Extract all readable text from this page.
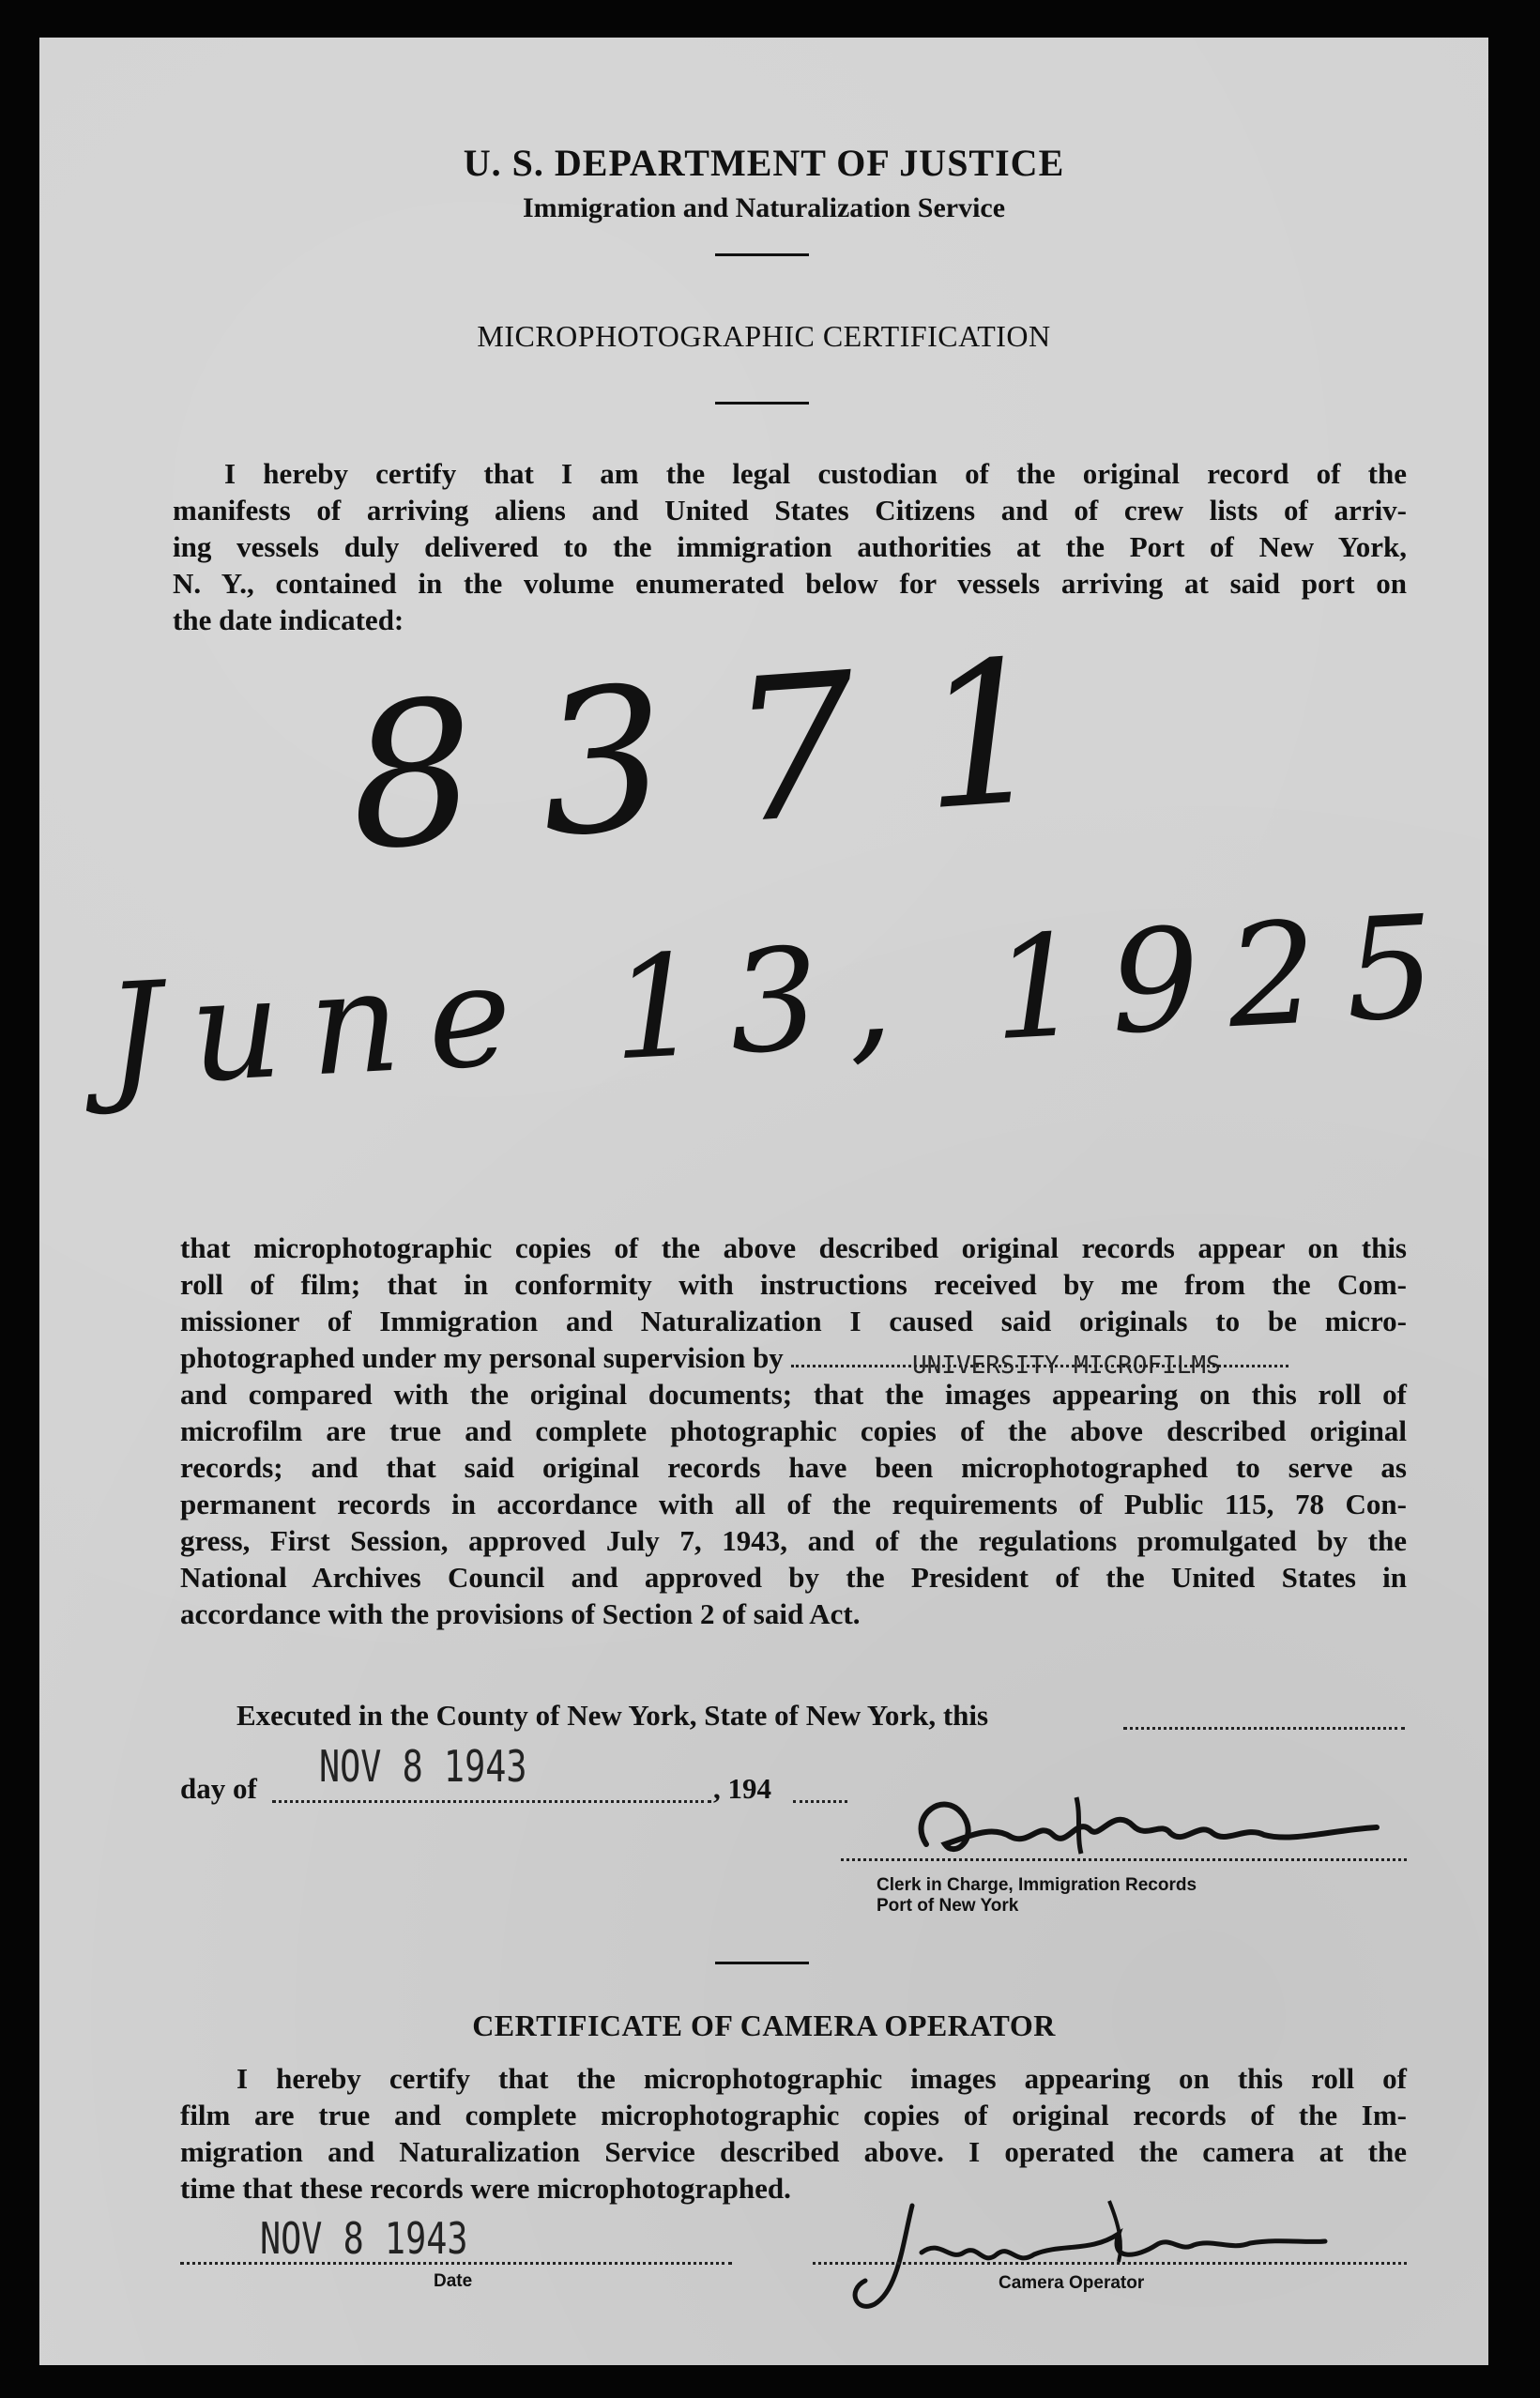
U. S. DEPARTMENT OF JUSTICE
Immigration and Naturalization Service
MICROPHOTOGRAPHIC CERTIFICATION
I hereby certify that I am the legal custodian of the original record of the
manifests of arriving aliens and United States Citizens and of crew lists of arriv-
ing vessels duly delivered to the immigration authorities at the Port of New York,
N. Y., contained in the volume enumerated below for vessels arriving at said port on
the date indicated:
8371
June 13, 1925
that microphotographic copies of the above described original records appear on this
roll of film; that in conformity with instructions received by me from the Com-
missioner of Immigration and Naturalization I caused said originals to be micro-
photographed under my personal supervision by
and compared with the original documents; that the images appearing on this roll of
microfilm are true and complete photographic copies of the above described original
records; and that said original records have been microphotographed to serve as
permanent records in accordance with all of the requirements of Public 115, 78 Con-
gress, First Session, approved July 7, 1943, and of the regulations promulgated by the
National Archives Council and approved by the President of the United States in
accordance with the provisions of Section 2 of said Act.
UNIVERSITY MICROFILMS
Executed in the County of New York, State of New York, this
day of NOV 8 1943	, 194
Clerk in Charge, Immigration Records
Port of New York
CERTIFICATE OF CAMERA OPERATOR
I hereby certify that the microphotographic images appearing on this roll of
film are true and complete microphotographic copies of original records of the Im-
migration and Naturalization Service described above. I operated the camera at the
time that these records were microphotographed.
NOV 8 1943
Date	Camera Operator
